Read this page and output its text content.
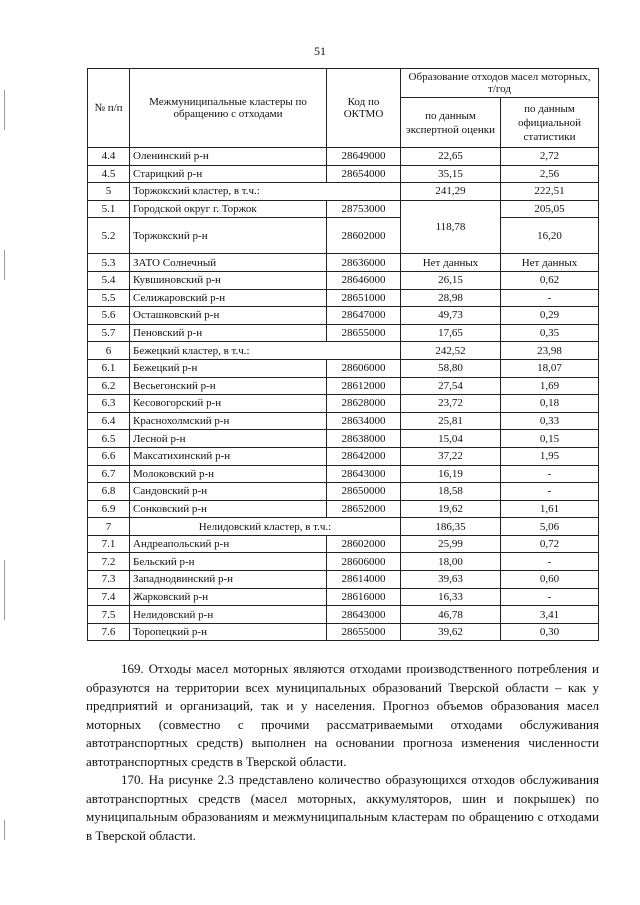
51
№ п/п	Межмуниципальные кластеры по обращению с отходами	Код по ОКТМО	Образование отходов масел моторных, т/год	
			по данным экспертной оценки	по данным официальной статистики
4.4	Оленинский р-н	28649000	22,65	2,72
4.5	Старицкий р-н	28654000	35,15	2,56
5	Торжокский кластер, в т.ч.:		241,29	222,51
5.1	Городской округ г. Торжок	28753000	118,78	205,05
5.2	Торжокский р-н	28602000		16,20
5.3	ЗАТО Солнечный	28636000	Нет данных	Нет данных
5.4	Кувшиновский р-н	28646000	26,15	0,62
5.5	Селижаровский р-н	28651000	28,98	-
5.6	Осташковский р-н	28647000	49,73	0,29
5.7	Пеновский р-н	28655000	17,65	0,35
6	Бежецкий кластер, в т.ч.:		242,52	23,98
6.1	Бежецкий р-н	28606000	58,80	18,07
6.2	Весьегонский р-н	28612000	27,54	1,69
6.3	Кесовогорский р-н	28628000	23,72	0,18
6.4	Краснохолмский р-н	28634000	25,81	0,33
6.5	Лесной р-н	28638000	15,04	0,15
6.6	Максатихинский р-н	28642000	37,22	1,95
6.7	Молоковский р-н	28643000	16,19	-
6.8	Сандовский р-н	28650000	18,58	-
6.9	Сонковский р-н	28652000	19,62	1,61
7	Нелидовский кластер, в т.ч.:		186,35	5,06
7.1	Андреапольский р-н	28602000	25,99	0,72
7.2	Бельский р-н	28606000	18,00	-
7.3	Западнодвинский р-н	28614000	39,63	0,60
7.4	Жарковский р-н	28616000	16,33	-
7.5	Нелидовский р-н	28643000	46,78	3,41
7.6	Торопецкий р-н	28655000	39,62	0,30

169. Отходы масел моторных являются отходами производственного потребления и образуются на территории всех муниципальных образований Тверской области – как у предприятий и организаций, так и у населения. Прогноз объемов образования масел моторных (совместно с прочими рассматриваемыми отходами обслуживания автотранспортных средств) выполнен на основании прогноза изменения численности автотранспортных средств в Тверской области.

170. На рисунке 2.3 представлено количество образующихся отходов обслуживания автотранспортных средств (масел моторных, аккумуляторов, шин и покрышек) по муниципальным образованиям и межмуниципальным кластерам по обращению с отходами в Тверской области.
